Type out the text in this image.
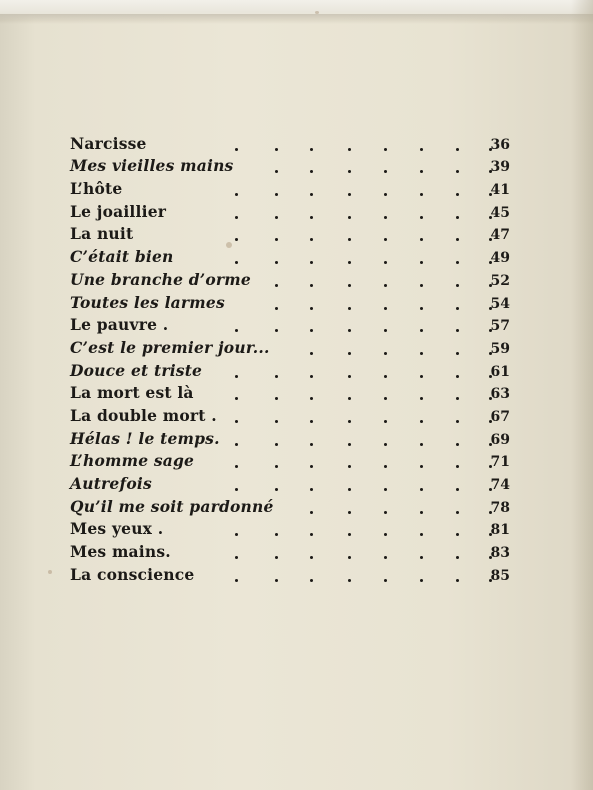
Narcisse	36
Mes vieilles mains	39
L’hôte	41
Le joaillier	45
La nuit	47
C’était bien	49
Une branche d’orme	52
Toutes les larmes	54
Le pauvre .	57
C’est le premier jour...	59
Douce et triste	61
La mort est là	63
La double mort .	67
Hélas ! le temps.	69
L’homme sage	71
Autrefois	74
Qu’il me soit pardonné	78
Mes yeux .	81
Mes mains.	83
La conscience	85
